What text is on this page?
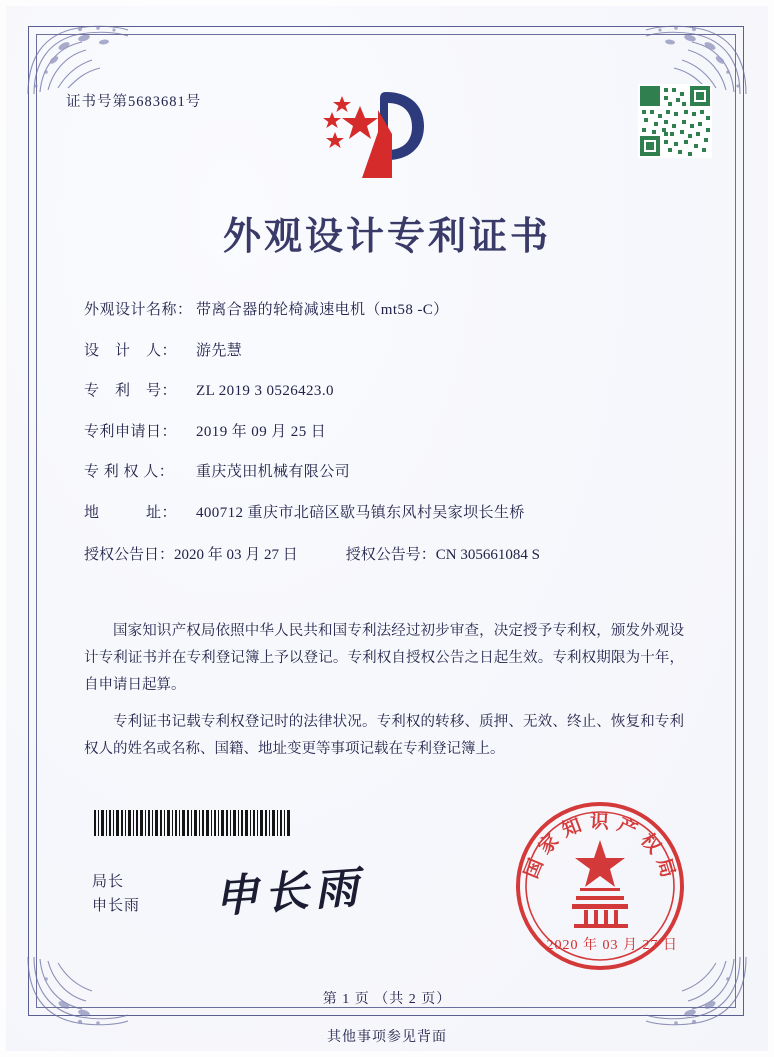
证书号第5683681号
外观设计专利证书
外观设计名称： 带离合器的轮椅减速电机（mt58 -C）
设　计　人：	游先慧
专　利　号：	ZL 2019 3 0526423.0
专利申请日：	2019 年 09 月 25 日
专 利 权 人：	重庆茂田机械有限公司
地　　　址：	400712 重庆市北碚区歇马镇东风村吴家坝长生桥
授权公告日：2020 年 03 月 27 日	授权公告号：CN 305661084 S

国家知识产权局依照中华人民共和国专利法经过初步审查，决定授予专利权，颁发外观设计专利证书并在专利登记簿上予以登记。专利权自授权公告之日起生效。专利权期限为十年，自申请日起算。

专利证书记载专利权登记时的法律状况。专利权的转移、质押、无效、终止、恢复和专利权人的姓名或名称、国籍、地址变更等事项记载在专利登记簿上。

局长
申长雨 申长雨	国家知识产权局
2020 年 03 月 27 日
第 1 页 （共 2 页）
其他事项参见背面
